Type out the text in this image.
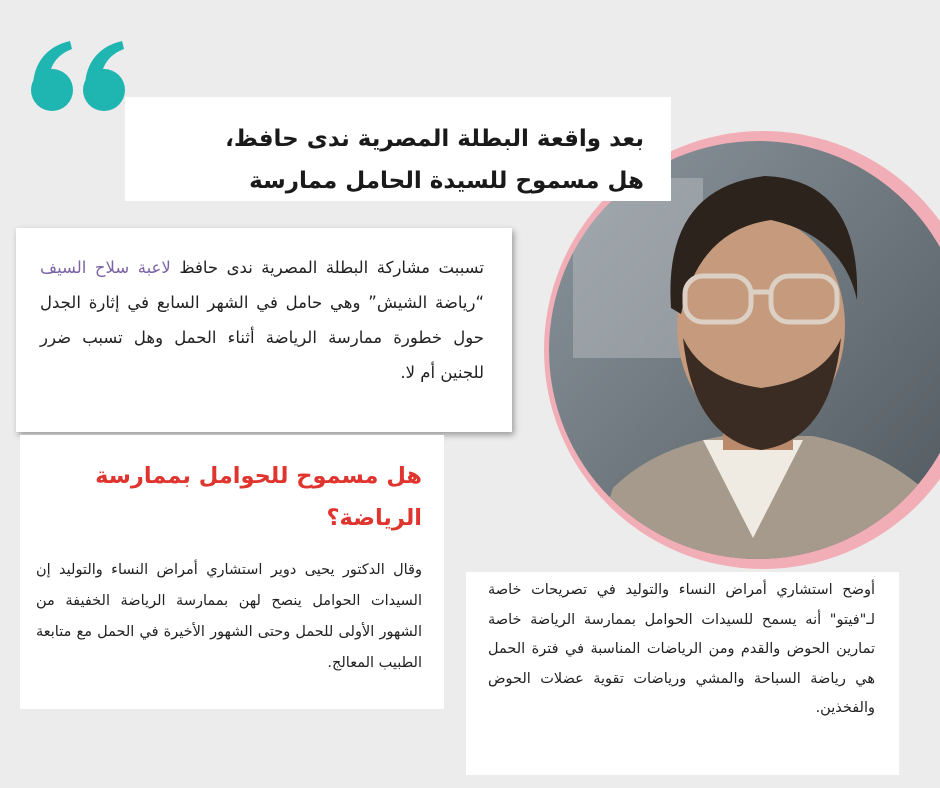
بعد واقعة البطلة المصرية ندى حافظ،
هل مسموح للسيدة الحامل ممارسة
تسببت مشاركة البطلة المصرية ندى حافظ لاعبة سلاح السيف “رياضة الشيش” وهي حامل في الشهر السابع في إثارة الجدل حول خطورة ممارسة الرياضة أثناء الحمل وهل تسبب ضرر للجنين أم لا.
هل مسموح للحوامل بممارسة الرياضة؟

وقال الدكتور يحيى دوير استشاري أمراض النساء والتوليد إن السيدات الحوامل ينصح لهن بممارسة الرياضة الخفيفة من الشهور الأولى للحمل وحتى الشهور الأخيرة في الحمل مع متابعة الطبيب المعالج.

أوضح استشاري أمراض النساء والتوليد في تصريحات خاصة لـ"فيتو" أنه يسمح للسيدات الحوامل بممارسة الرياضة خاصة تمارين الحوض والقدم ومن الرياضات المناسبة في فترة الحمل هي رياضة السباحة والمشي ورياضات تقوية عضلات الحوض والفخذين.
